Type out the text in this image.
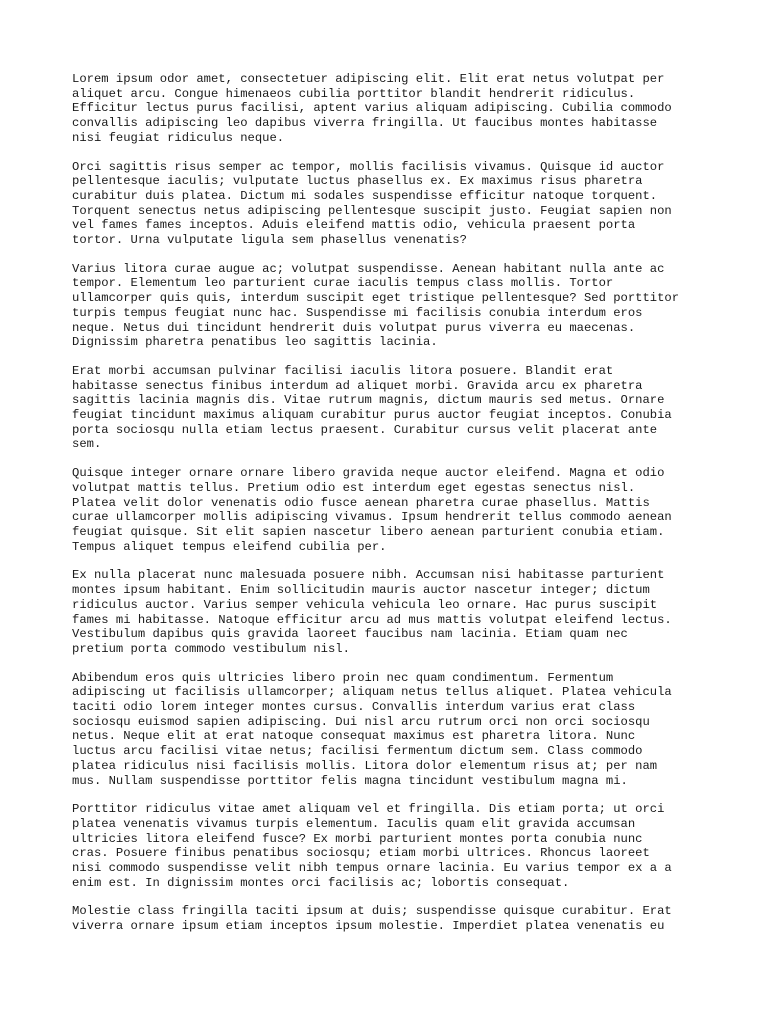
Lorem ipsum odor amet, consectetuer adipiscing elit. Elit erat netus volutpat per
aliquet arcu. Congue himenaeos cubilia porttitor blandit hendrerit ridiculus.
Efficitur lectus purus facilisi, aptent varius aliquam adipiscing. Cubilia commodo
convallis adipiscing leo dapibus viverra fringilla. Ut faucibus montes habitasse
nisi feugiat ridiculus neque.

Orci sagittis risus semper ac tempor, mollis facilisis vivamus. Quisque id auctor
pellentesque iaculis; vulputate luctus phasellus ex. Ex maximus risus pharetra
curabitur duis platea. Dictum mi sodales suspendisse efficitur natoque torquent.
Torquent senectus netus adipiscing pellentesque suscipit justo. Feugiat sapien non
vel fames fames inceptos. Aduis eleifend mattis odio, vehicula praesent porta
tortor. Urna vulputate ligula sem phasellus venenatis?

Varius litora curae augue ac; volutpat suspendisse. Aenean habitant nulla ante ac
tempor. Elementum leo parturient curae iaculis tempus class mollis. Tortor
ullamcorper quis quis, interdum suscipit eget tristique pellentesque? Sed porttitor
turpis tempus feugiat nunc hac. Suspendisse mi facilisis conubia interdum eros
neque. Netus dui tincidunt hendrerit duis volutpat purus viverra eu maecenas.
Dignissim pharetra penatibus leo sagittis lacinia.

Erat morbi accumsan pulvinar facilisi iaculis litora posuere. Blandit erat
habitasse senectus finibus interdum ad aliquet morbi. Gravida arcu ex pharetra
sagittis lacinia magnis dis. Vitae rutrum magnis, dictum mauris sed metus. Ornare
feugiat tincidunt maximus aliquam curabitur purus auctor feugiat inceptos. Conubia
porta sociosqu nulla etiam lectus praesent. Curabitur cursus velit placerat ante
sem.

Quisque integer ornare ornare libero gravida neque auctor eleifend. Magna et odio
volutpat mattis tellus. Pretium odio est interdum eget egestas senectus nisl.
Platea velit dolor venenatis odio fusce aenean pharetra curae phasellus. Mattis
curae ullamcorper mollis adipiscing vivamus. Ipsum hendrerit tellus commodo aenean
feugiat quisque. Sit elit sapien nascetur libero aenean parturient conubia etiam.
Tempus aliquet tempus eleifend cubilia per.

Ex nulla placerat nunc malesuada posuere nibh. Accumsan nisi habitasse parturient
montes ipsum habitant. Enim sollicitudin mauris auctor nascetur integer; dictum
ridiculus auctor. Varius semper vehicula vehicula leo ornare. Hac purus suscipit
fames mi habitasse. Natoque efficitur arcu ad mus mattis volutpat eleifend lectus.
Vestibulum dapibus quis gravida laoreet faucibus nam lacinia. Etiam quam nec
pretium porta commodo vestibulum nisl.

Abibendum eros quis ultricies libero proin nec quam condimentum. Fermentum
adipiscing ut facilisis ullamcorper; aliquam netus tellus aliquet. Platea vehicula
taciti odio lorem integer montes cursus. Convallis interdum varius erat class
sociosqu euismod sapien adipiscing. Dui nisl arcu rutrum orci non orci sociosqu
netus. Neque elit at erat natoque consequat maximus est pharetra litora. Nunc
luctus arcu facilisi vitae netus; facilisi fermentum dictum sem. Class commodo
platea ridiculus nisi facilisis mollis. Litora dolor elementum risus at; per nam
mus. Nullam suspendisse porttitor felis magna tincidunt vestibulum magna mi.

Porttitor ridiculus vitae amet aliquam vel et fringilla. Dis etiam porta; ut orci
platea venenatis vivamus turpis elementum. Iaculis quam elit gravida accumsan
ultricies litora eleifend fusce? Ex morbi parturient montes porta conubia nunc
cras. Posuere finibus penatibus sociosqu; etiam morbi ultrices. Rhoncus laoreet
nisi commodo suspendisse velit nibh tempus ornare lacinia. Eu varius tempor ex a a
enim est. In dignissim montes orci facilisis ac; lobortis consequat.

Molestie class fringilla taciti ipsum at duis; suspendisse quisque curabitur. Erat
viverra ornare ipsum etiam inceptos ipsum molestie. Imperdiet platea venenatis eu
